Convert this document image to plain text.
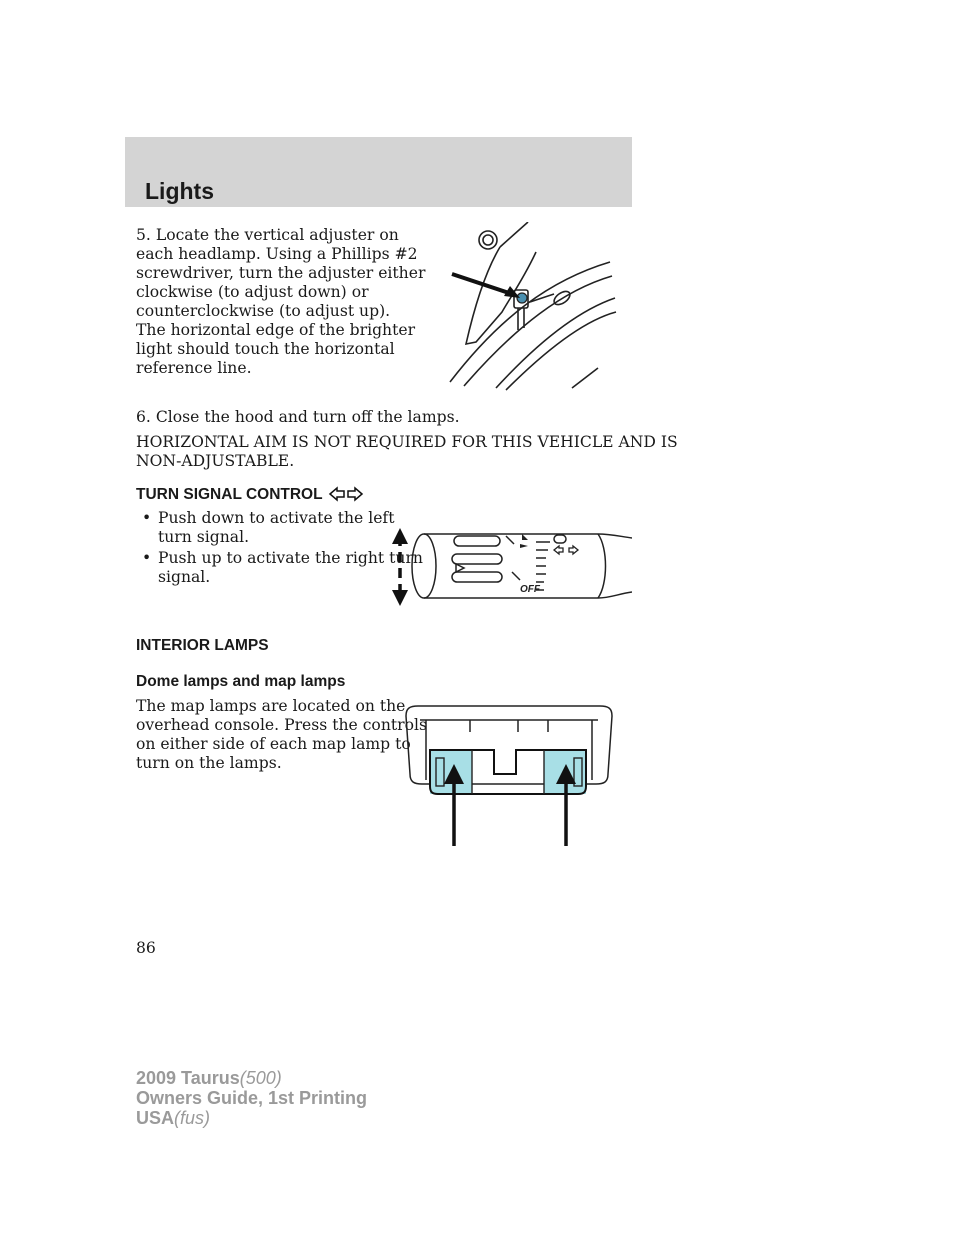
Lights

5. Locate the vertical adjuster on

each headlamp. Using a Phillips #2

screwdriver, turn the adjuster either

clockwise (to adjust down) or

counterclockwise (to adjust up).

The horizontal edge of the brighter

light should touch the horizontal

reference line.

6. Close the hood and turn off the lamps.

HORIZONTAL AIM IS NOT REQUIRED FOR THIS VEHICLE AND IS

NON-ADJUSTABLE.

TURN SIGNAL CONTROL
• Push down to activate the left

turn signal.

• Push up to activate the right turn

signal.

OFF
INTERIOR LAMPS
Dome lamps and map lamps

The map lamps are located on the

overhead console. Press the controls

on either side of each map lamp to

turn on the lamps.

86
2009 Taurus(500)
Owners Guide, 1st Printing
USA(fus)
